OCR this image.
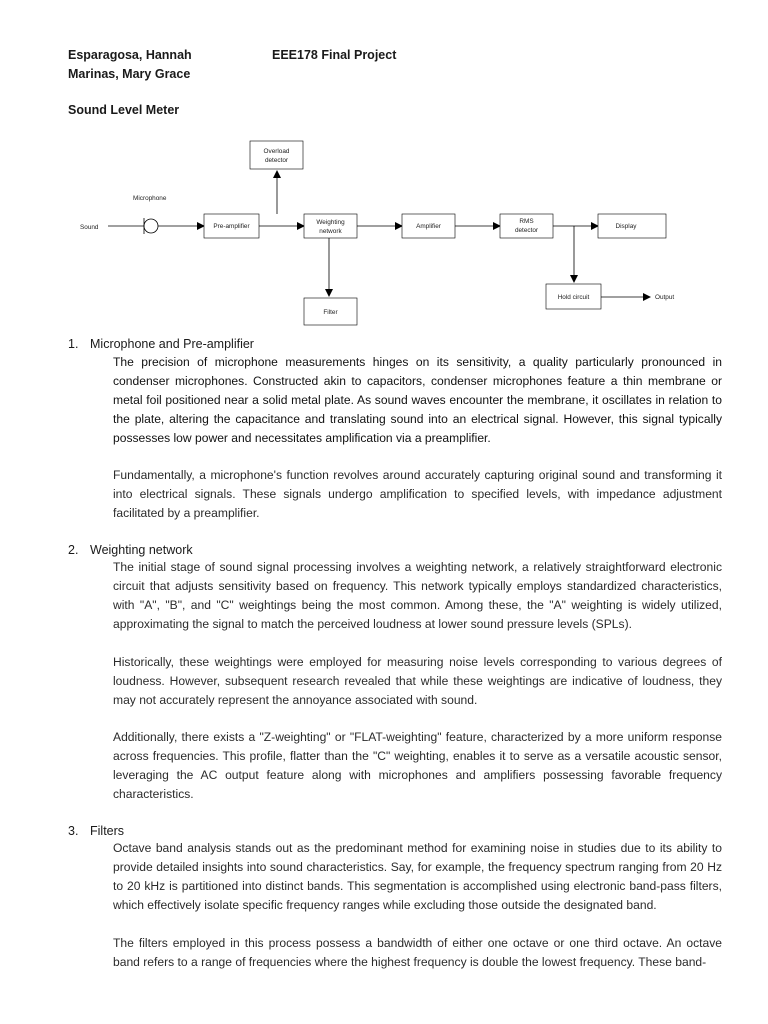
Esparagosa, Hannah
Marinas, Mary Grace
EEE178 Final Project
Sound Level Meter
Sound
Microphone
Overload
detector
Pre-amplifier
Weighting
network
Amplifier
RMS
detector
Display
Filter
Hold circuit	Output
1. Microphone and Pre-amplifier

The precision of microphone measurements hinges on its sensitivity, a quality particularly pronounced in condenser microphones. Constructed akin to capacitors, condenser microphones feature a thin membrane or metal foil positioned near a solid metal plate. As sound waves encounter the membrane, it oscillates in relation to the plate, altering the capacitance and translating sound into an electrical signal. However, this signal typically possesses low power and necessitates amplification via a preamplifier.

Fundamentally, a microphone's function revolves around accurately capturing original sound and transforming it into electrical signals. These signals undergo amplification to specified levels, with impedance adjustment facilitated by a preamplifier.

2. Weighting network

The initial stage of sound signal processing involves a weighting network, a relatively straightforward electronic circuit that adjusts sensitivity based on frequency. This network typically employs standardized characteristics, with "A", "B", and "C" weightings being the most common. Among these, the "A" weighting is widely utilized, approximating the signal to match the perceived loudness at lower sound pressure levels (SPLs).

Historically, these weightings were employed for measuring noise levels corresponding to various degrees of loudness. However, subsequent research revealed that while these weightings are indicative of loudness, they may not accurately represent the annoyance associated with sound.

Additionally, there exists a "Z-weighting" or "FLAT-weighting" feature, characterized by a more uniform response across frequencies. This profile, flatter than the "C" weighting, enables it to serve as a versatile acoustic sensor, leveraging the AC output feature along with microphones and amplifiers possessing favorable frequency characteristics.

3. Filters

Octave band analysis stands out as the predominant method for examining noise in studies due to its ability to provide detailed insights into sound characteristics. Say, for example, the frequency spectrum ranging from 20 Hz to 20 kHz is partitioned into distinct bands. This segmentation is accomplished using electronic band-pass filters, which effectively isolate specific frequency ranges while excluding those outside the designated band.

The filters employed in this process possess a bandwidth of either one octave or one third octave. An octave band refers to a range of frequencies where the highest frequency is double the lowest frequency. These band-
